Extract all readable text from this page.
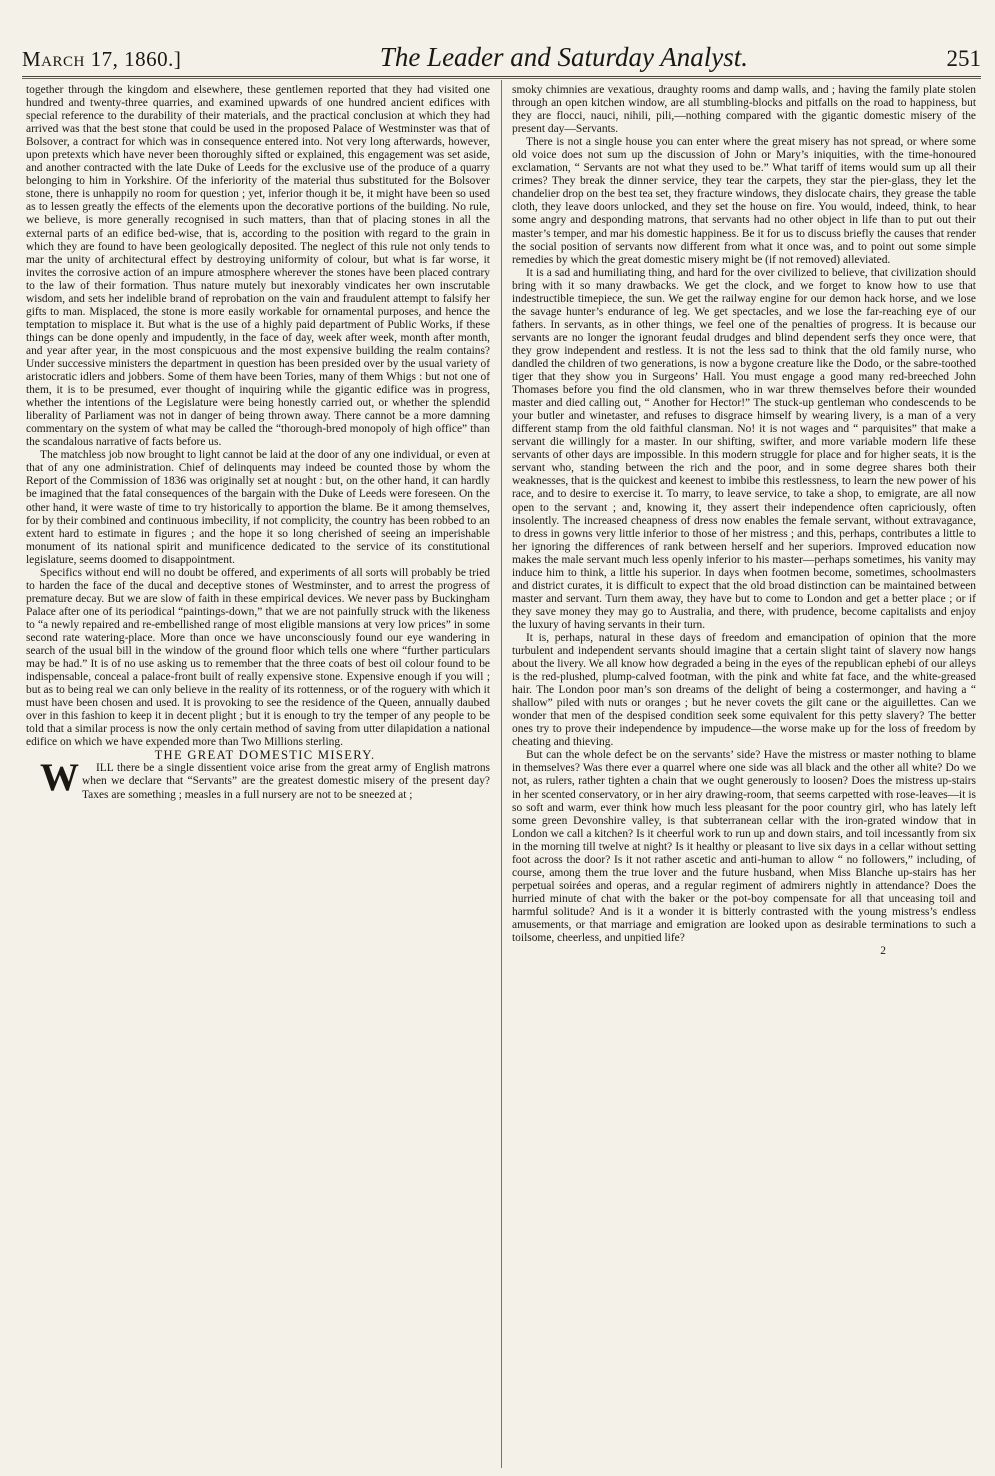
March 17, 1860.]	The Leader and Saturday Analyst.	251

together through the kingdom and elsewhere, these gentlemen reported that they had visited one hundred and twenty-three quarries, and examined upwards of one hundred ancient edifices with special reference to the durability of their materials, and the practical conclusion at which they had arrived was that the best stone that could be used in the proposed Palace of Westminster was that of Bolsover, a contract for which was in consequence entered into. Not very long afterwards, however, upon pretexts which have never been thoroughly sifted or explained, this engagement was set aside, and another contracted with the late Duke of Leeds for the exclusive use of the produce of a quarry belonging to him in Yorkshire. Of the inferiority of the material thus substituted for the Bolsover stone, there is unhappily no room for question ; yet, inferior though it be, it might have been so used as to lessen greatly the effects of the elements upon the decorative portions of the building. No rule, we believe, is more generally recognised in such matters, than that of placing stones in all the external parts of an edifice bed-wise, that is, according to the position with regard to the grain in which they are found to have been geologically deposited. The neglect of this rule not only tends to mar the unity of architectural effect by destroying uniformity of colour, but what is far worse, it invites the corrosive action of an impure atmosphere wherever the stones have been placed contrary to the law of their formation. Thus nature mutely but inexorably vindicates her own inscrutable wisdom, and sets her indelible brand of reprobation on the vain and fraudulent attempt to falsify her gifts to man. Misplaced, the stone is more easily workable for ornamental purposes, and hence the temptation to misplace it. But what is the use of a highly paid department of Public Works, if these things can be done openly and impudently, in the face of day, week after week, month after month, and year after year, in the most conspicuous and the most expensive building the realm contains? Under successive ministers the department in question has been presided over by the usual variety of aristocratic idlers and jobbers. Some of them have been Tories, many of them Whigs : but not one of them, it is to be presumed, ever thought of inquiring while the gigantic edifice was in progress, whether the intentions of the Legislature were being honestly carried out, or whether the splendid liberality of Parliament was not in danger of being thrown away. There cannot be a more damning commentary on the system of what may be called the “thorough-bred monopoly of high office” than the scandalous narrative of facts before us.

The matchless job now brought to light cannot be laid at the door of any one individual, or even at that of any one administration. Chief of delinquents may indeed be counted those by whom the Report of the Commission of 1836 was originally set at nought : but, on the other hand, it can hardly be imagined that the fatal consequences of the bargain with the Duke of Leeds were foreseen. On the other hand, it were waste of time to try historically to apportion the blame. Be it among themselves, for by their combined and continuous imbecility, if not complicity, the country has been robbed to an extent hard to estimate in figures ; and the hope it so long cherished of seeing an imperishable monument of its national spirit and munificence dedicated to the service of its constitutional legislature, seems doomed to disappointment.

Specifics without end will no doubt be offered, and experiments of all sorts will probably be tried to harden the face of the ducal and deceptive stones of Westminster, and to arrest the progress of premature decay. But we are slow of faith in these empirical devices. We never pass by Buckingham Palace after one of its periodical “paintings-down,” that we are not painfully struck with the likeness to “a newly repaired and re-embellished range of most eligible mansions at very low prices” in some second rate watering-place. More than once we have unconsciously found our eye wandering in search of the usual bill in the window of the ground floor which tells one where “further particulars may be had.” It is of no use asking us to remember that the three coats of best oil colour found to be indispensable, conceal a palace-front built of really expensive stone. Expensive enough if you will ; but as to being real we can only believe in the reality of its rottenness, or of the roguery with which it must have been chosen and used. It is provoking to see the residence of the Queen, annually daubed over in this fashion to keep it in decent plight ; but it is enough to try the temper of any people to be told that a similar process is now the only certain method of saving from utter dilapidation a national edifice on which we have expended more than Two Millions sterling.

THE GREAT DOMESTIC MISERY.

W ILL there be a single dissentient voice arise from the great army of English matrons when we declare that “Servants” are the greatest domestic misery of the present day? Taxes are something ; measles in a full nursery are not to be sneezed at ;

smoky chimnies are vexatious, draughty rooms and damp walls, and ; having the family plate stolen through an open kitchen window, are all stumbling-blocks and pitfalls on the road to happiness, but they are flocci, nauci, nihili, pili,—nothing compared with the gigantic domestic misery of the present day—Servants.

There is not a single house you can enter where the great misery has not spread, or where some old voice does not sum up the discussion of John or Mary’s iniquities, with the time-honoured exclamation, “ Servants are not what they used to be.” What tariff of items would sum up all their crimes? They break the dinner service, they tear the carpets, they star the pier-glass, they let the chandelier drop on the best tea set, they fracture windows, they dislocate chairs, they grease the table cloth, they leave doors unlocked, and they set the house on fire. You would, indeed, think, to hear some angry and desponding matrons, that servants had no other object in life than to put out their master’s temper, and mar his domestic happiness. Be it for us to discuss briefly the causes that render the social position of servants now different from what it once was, and to point out some simple remedies by which the great domestic misery might be (if not removed) alleviated.

It is a sad and humiliating thing, and hard for the over civilized to believe, that civilization should bring with it so many drawbacks. We get the clock, and we forget to know how to use that indestructible timepiece, the sun. We get the railway engine for our demon hack horse, and we lose the savage hunter’s endurance of leg. We get spectacles, and we lose the far-reaching eye of our fathers. In servants, as in other things, we feel one of the penalties of progress. It is because our servants are no longer the ignorant feudal drudges and blind dependent serfs they once were, that they grow independent and restless. It is not the less sad to think that the old family nurse, who dandled the children of two generations, is now a bygone creature like the Dodo, or the sabre-toothed tiger that they show you in Surgeons’ Hall. You must engage a good many red-breeched John Thomases before you find the old clansmen, who in war threw themselves before their wounded master and died calling out, “ Another for Hector!” The stuck-up gentleman who condescends to be your butler and winetaster, and refuses to disgrace himself by wearing livery, is a man of a very different stamp from the old faithful clansman. No! it is not wages and “ parquisites” that make a servant die willingly for a master. In our shifting, swifter, and more variable modern life these servants of other days are impossible. In this modern struggle for place and for higher seats, it is the servant who, standing between the rich and the poor, and in some degree shares both their weaknesses, that is the quickest and keenest to imbibe this restlessness, to learn the new power of his race, and to desire to exercise it. To marry, to leave service, to take a shop, to emigrate, are all now open to the servant ; and, knowing it, they assert their independence often capriciously, often insolently. The increased cheapness of dress now enables the female servant, without extravagance, to dress in gowns very little inferior to those of her mistress ; and this, perhaps, contributes a little to her ignoring the differences of rank between herself and her superiors. Improved education now makes the male servant much less openly inferior to his master—perhaps sometimes, his vanity may induce him to think, a little his superior. In days when footmen become, sometimes, schoolmasters and district curates, it is difficult to expect that the old broad distinction can be maintained between master and servant. Turn them away, they have but to come to London and get a better place ; or if they save money they may go to Australia, and there, with prudence, become capitalists and enjoy the luxury of having servants in their turn.

It is, perhaps, natural in these days of freedom and emancipation of opinion that the more turbulent and independent servants should imagine that a certain slight taint of slavery now hangs about the livery. We all know how degraded a being in the eyes of the republican ephebi of our alleys is the red-plushed, plump-calved footman, with the pink and white fat face, and the white-greased hair. The London poor man’s son dreams of the delight of being a costermonger, and having a “ shallow” piled with nuts or oranges ; but he never covets the gilt cane or the aiguillettes. Can we wonder that men of the despised condition seek some equivalent for this petty slavery? The better ones try to prove their independence by impudence—the worse make up for the loss of freedom by cheating and thieving.

But can the whole defect be on the servants’ side? Have the mistress or master nothing to blame in themselves? Was there ever a quarrel where one side was all black and the other all white? Do we not, as rulers, rather tighten a chain that we ought generously to loosen? Does the mistress up-stairs in her scented conservatory, or in her airy drawing-room, that seems carpetted with rose-leaves—it is so soft and warm, ever think how much less pleasant for the poor country girl, who has lately left some green Devonshire valley, is that subterranean cellar with the iron-grated window that in London we call a kitchen? Is it cheerful work to run up and down stairs, and toil incessantly from six in the morning till twelve at night? Is it healthy or pleasant to live six days in a cellar without setting foot across the door? Is it not rather ascetic and anti-human to allow “ no followers,” including, of course, among them the true lover and the future husband, when Miss Blanche up-stairs has her perpetual soirées and operas, and a regular regiment of admirers nightly in attendance? Does the hurried minute of chat with the baker or the pot-boy compensate for all that unceasing toil and harmful solitude? And is it a wonder it is bitterly contrasted with the young mistress’s endless amusements, or that marriage and emigration are looked upon as desirable terminations to such a toilsome, cheerless, and unpitied life?

2
